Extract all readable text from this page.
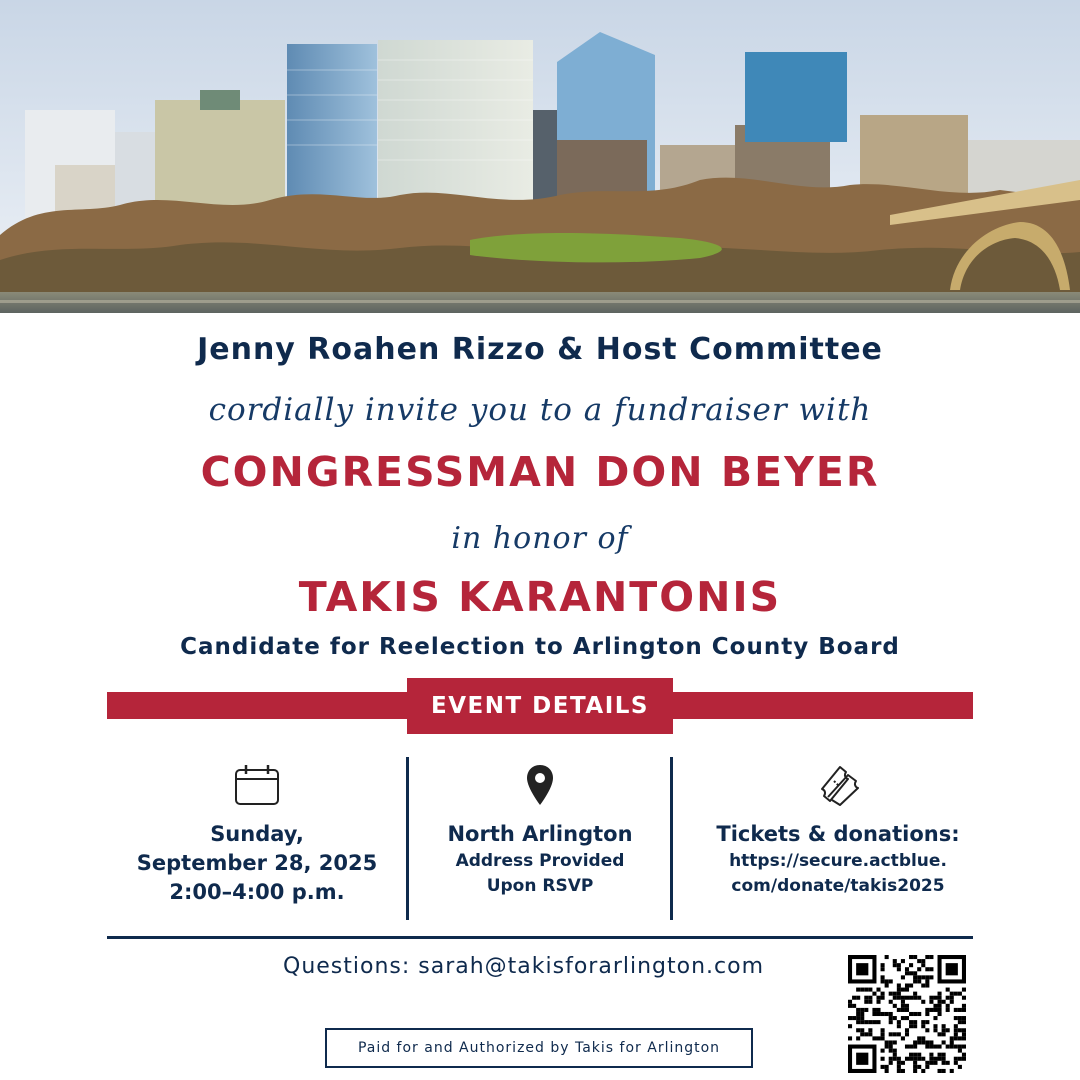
Jenny Roahen Rizzo & Host Committee
cordially invite you to a fundraiser with
CONGRESSMAN DON BEYER
in honor of
TAKIS KARANTONIS
Candidate for Reelection to Arlington County Board
EVENT DETAILS
Sunday,
September 28, 2025
2:00–4:00 p.m.
North Arlington
Address Provided
Upon RSVP
Tickets & donations:
https://secure.actblue.
com/donate/takis2025
Questions: sarah@takisforarlington.com
Paid for and Authorized by Takis for Arlington
